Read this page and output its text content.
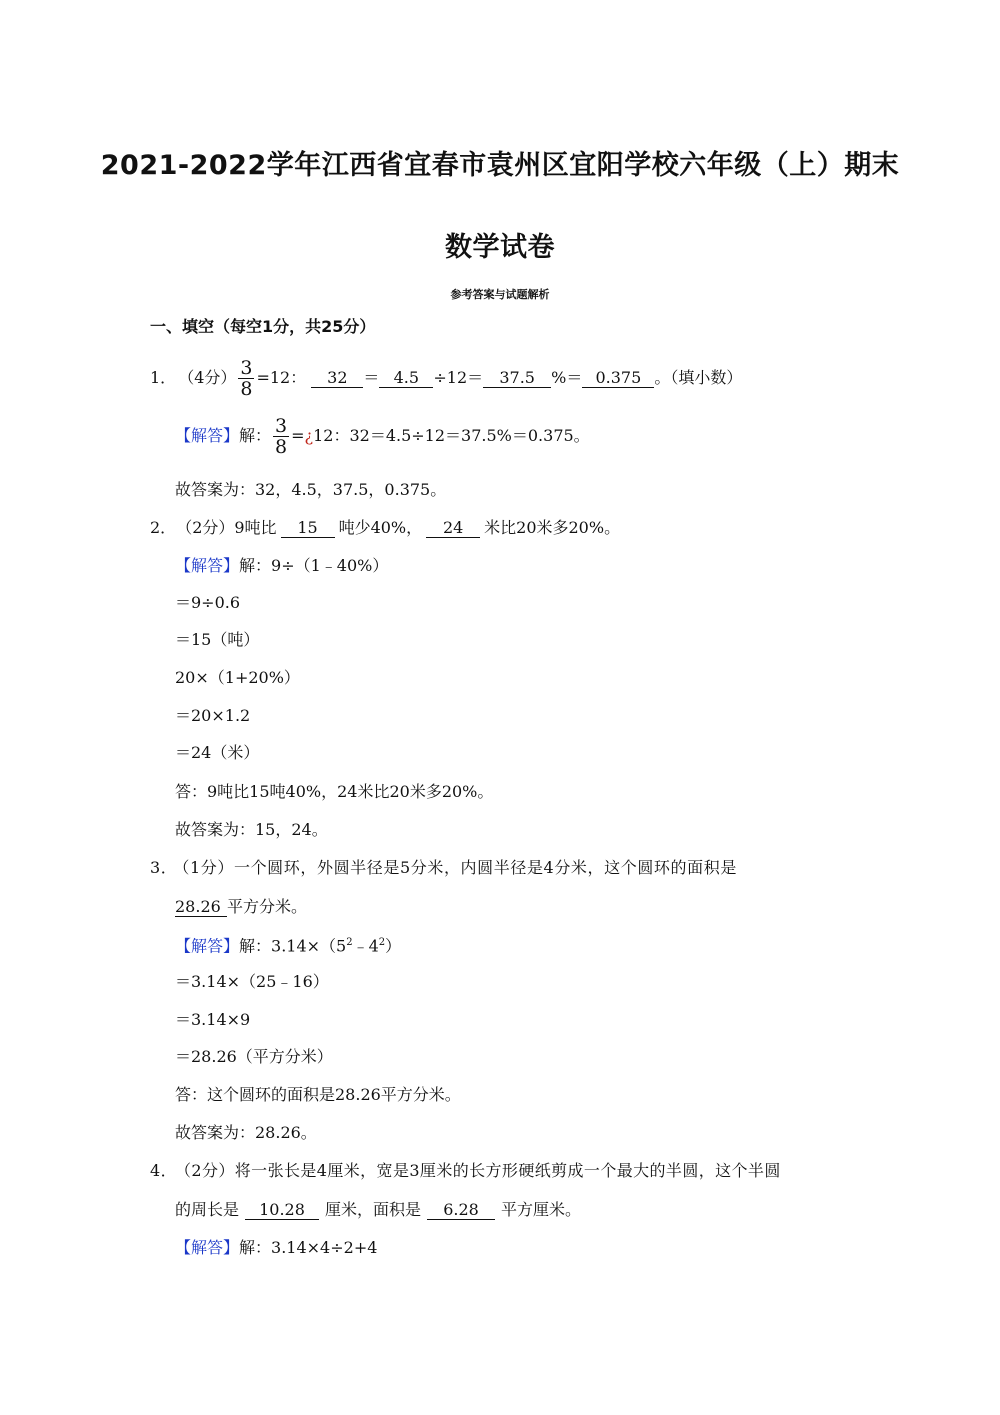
2021-2022学年江西省宜春市袁州区宜阳学校六年级（上）期末
数学试卷
参考答案与试题解析
一、填空（每空1分，共25分）
1． （4分） $\frac{3}{8} =12$： 32 ＝ 4.5 ÷12＝ 37.5 %＝ 0.375 。（填小数）
【解答】解： $\frac{3}{8}$ =¿12：32＝4.5÷12＝37.5%＝0.375。
故答案为：32，4.5，37.5，0.375。
2． （2分）9吨比 15 吨少40%， 24 米比20米多20%。
【解答】解：9÷（1﹣40%）
＝9÷0.6
＝15（吨）
20×（1+20%）
＝20×1.2
＝24（米）
答：9吨比15吨40%，24米比20米多20%。
故答案为：15，24。
3． （1分）一个圆环，外圆半径是5分米，内圆半径是4分米，这个圆环的面积是
28.26 平方分米。
【解答】解：$3.14\times(5^2﹣4^2)$
＝3.14×（25﹣16）
＝3.14×9
＝28.26（平方分米）
答：这个圆环的面积是28.26平方分米。
故答案为：28.26。
4． （2分）将一张长是4厘米，宽是3厘米的长方形硬纸剪成一个最大的半圆，这个半圆
的周长是 10.28 厘米，面积是 6.28 平方厘米。
【解答】解：3.14×4÷2+4
